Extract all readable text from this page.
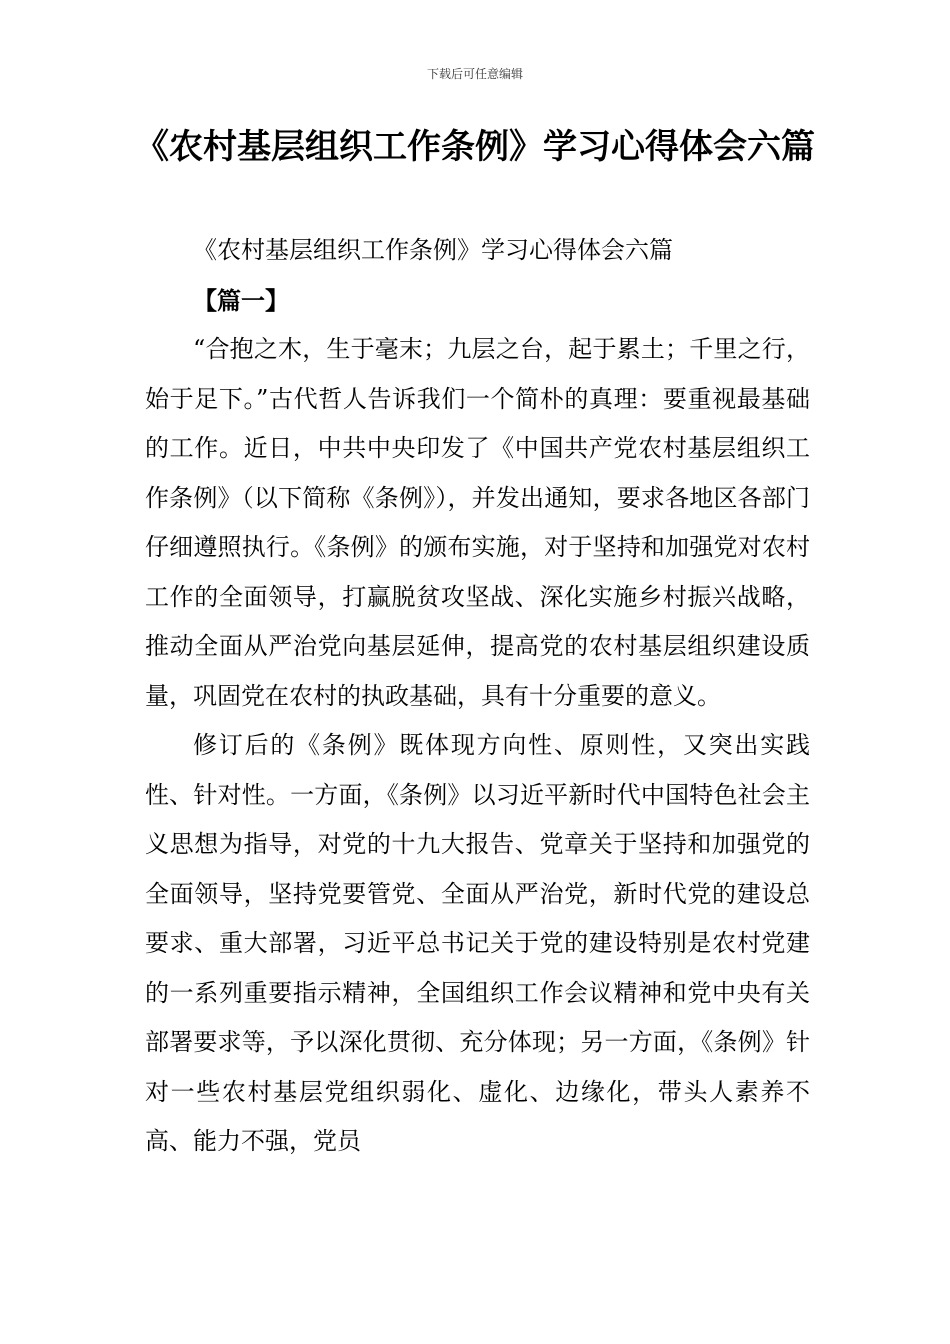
下载后可任意编辑
《农村基层组织工作条例》学习心得体会六篇

《农村基层组织工作条例》学习心得体会六篇

【篇一】

“合抱之木，生于毫末；九层之台，起于累土；千里之行，始于足下。”古代哲人告诉我们一个简朴的真理：要重视最基础的工作。近日，中共中央印发了《中国共产党农村基层组织工作条例》（以下简称《条例》），并发出通知，要求各地区各部门仔细遵照执行。《条例》的颁布实施，对于坚持和加强党对农村工作的全面领导，打赢脱贫攻坚战、深化实施乡村振兴战略，推动全面从严治党向基层延伸，提高党的农村基层组织建设质量，巩固党在农村的执政基础，具有十分重要的意义。

修订后的《条例》既体现方向性、原则性，又突出实践性、针对性。一方面，《条例》以习近平新时代中国特色社会主义思想为指导，对党的十九大报告、党章关于坚持和加强党的全面领导，坚持党要管党、全面从严治党，新时代党的建设总要求、重大部署，习近平总书记关于党的建设特别是农村党建的一系列重要指示精神，全国组织工作会议精神和党中央有关部署要求等，予以深化贯彻、充分体现；另一方面，《条例》针对一些农村基层党组织弱化、虚化、边缘化，带头人素养不高、能力不强，党员
